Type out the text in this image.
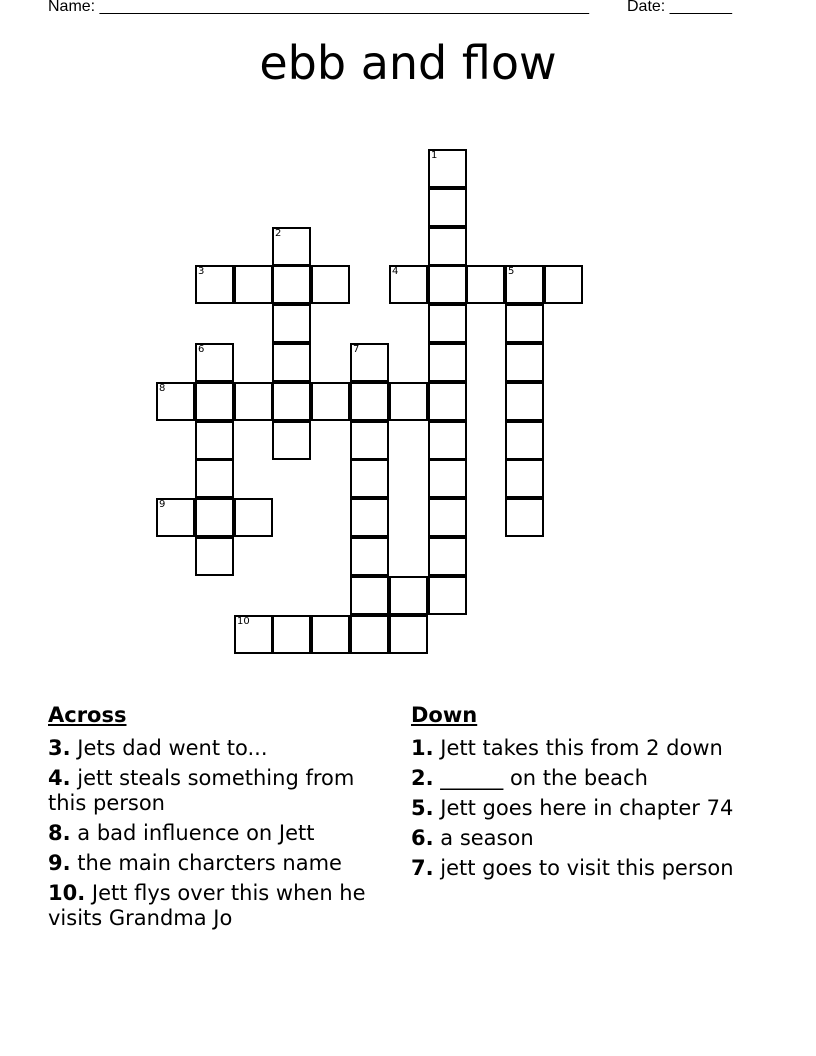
Name: _______________________________________________________ Date: _______
ebb and flow
1
2
3	4	5
6	7
8
9
10
Across
3. Jets dad went to...
4. jett steals something from this person
8. a bad influence on Jett
9. the main charcters name
10. Jett flys over this when he visits Grandma Jo
Down
1. Jett takes this from 2 down
2. ______ on the beach
5. Jett goes here in chapter 74
6. a season
7. jett goes to visit this person
